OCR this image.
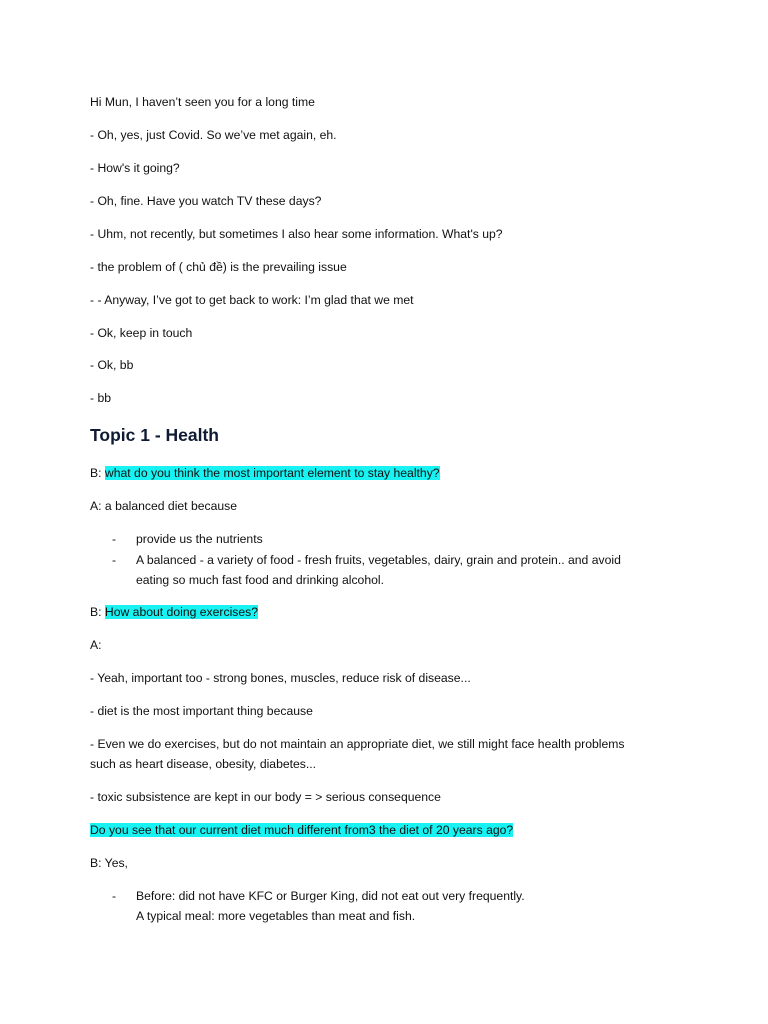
Hi Mun, I haven’t seen you for a long time
- Oh, yes, just Covid. So we’ve met again, eh.
- How's it going?
- Oh, fine. Have you watch TV these days?
- Uhm, not recently, but sometimes I also hear some information. What's up?
- the problem of ( chủ đề) is the prevailing issue
- - Anyway, I’ve got to get back to work: I’m glad that we met
- Ok, keep in touch
- Ok, bb
- bb
Topic 1 - Health
B: what do you think the most important element to stay healthy?
A: a balanced diet because
- provide us the nutrients
- A balanced - a variety of food - fresh fruits, vegetables, dairy, grain and protein.. and avoid
eating so much fast food and drinking alcohol.
B: How about doing exercises?
A:
- Yeah, important too - strong bones, muscles, reduce risk of disease...
- diet is the most important thing because
- Even we do exercises, but do not maintain an appropriate diet, we still might face health problems
such as heart disease, obesity, diabetes...
- toxic subsistence are kept in our body = > serious consequence
Do you see that our current diet much different from3 the diet of 20 years ago?
B: Yes,
- Before: did not have KFC or Burger King, did not eat out very frequently.
A typical meal: more vegetables than meat and fish.
